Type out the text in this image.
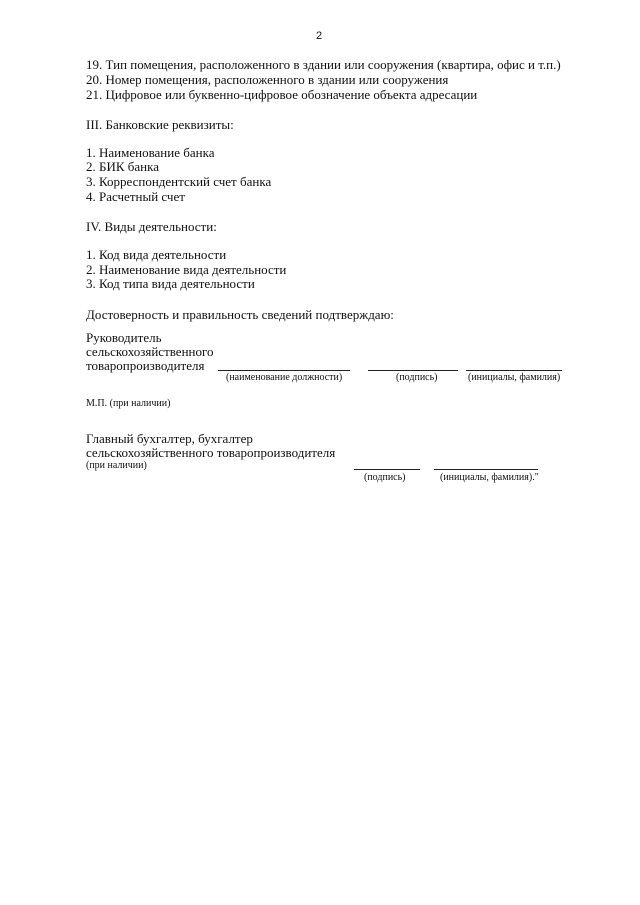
2
19. Тип помещения, расположенного в здании или сооружения (квартира, офис и т.п.)
20. Номер помещения, расположенного в здании или сооружения
21. Цифровое или буквенно-цифровое обозначение объекта адресации
III. Банковские реквизиты:
1. Наименование банка
2. БИК банка
3. Корреспондентский счет банка
4. Расчетный счет
IV. Виды деятельности:
1. Код вида деятельности
2. Наименование вида деятельности
3. Код типа вида деятельности
Достоверность и правильность сведений подтверждаю:
Руководитель
сельскохозяйственного
товаропроизводителя
(наименование должности)	(подпись)	(инициалы, фамилия)
М.П. (при наличии)
Главный бухгалтер, бухгалтер
сельскохозяйственного товаропроизводителя
(при наличии)
(подпись)	(инициалы, фамилия)."
